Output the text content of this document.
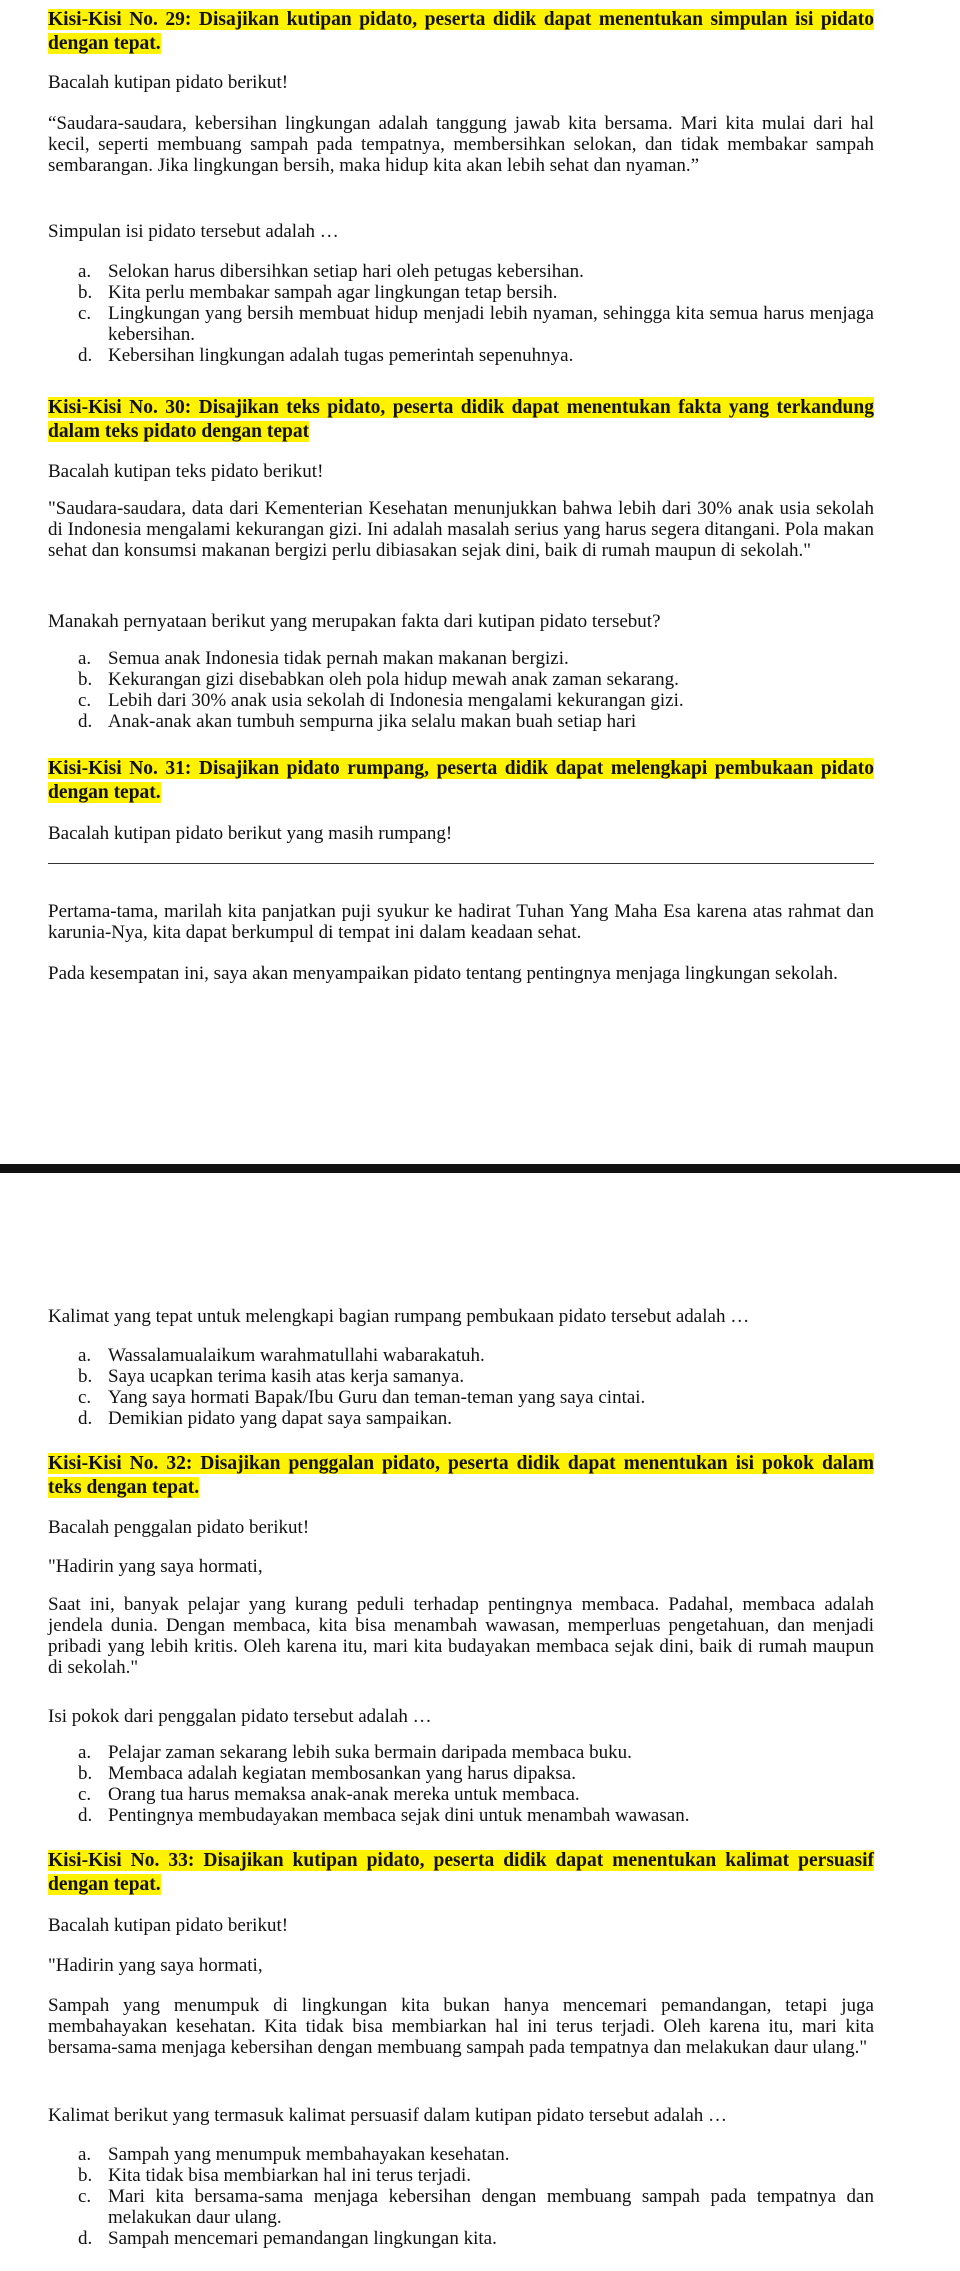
Kisi-Kisi No. 29: Disajikan kutipan pidato, peserta didik dapat menentukan simpulan isi pidato dengan tepat.

Bacalah kutipan pidato berikut!

“Saudara-saudara, kebersihan lingkungan adalah tanggung jawab kita bersama. Mari kita mulai dari hal kecil, seperti membuang sampah pada tempatnya, membersihkan selokan, dan tidak membakar sampah sembarangan. Jika lingkungan bersih, maka hidup kita akan lebih sehat dan nyaman.”

Simpulan isi pidato tersebut adalah …

a. Selokan harus dibersihkan setiap hari oleh petugas kebersihan.
b. Kita perlu membakar sampah agar lingkungan tetap bersih.
c. Lingkungan yang bersih membuat hidup menjadi lebih nyaman, sehingga kita semua harus menjaga kebersihan.
d. Kebersihan lingkungan adalah tugas pemerintah sepenuhnya.
Kisi-Kisi No. 30: Disajikan teks pidato, peserta didik dapat menentukan fakta yang terkandung dalam teks pidato dengan tepat

Bacalah kutipan teks pidato berikut!

"Saudara-saudara, data dari Kementerian Kesehatan menunjukkan bahwa lebih dari 30% anak usia sekolah di Indonesia mengalami kekurangan gizi. Ini adalah masalah serius yang harus segera ditangani. Pola makan sehat dan konsumsi makanan bergizi perlu dibiasakan sejak dini, baik di rumah maupun di sekolah."

Manakah pernyataan berikut yang merupakan fakta dari kutipan pidato tersebut?

a. Semua anak Indonesia tidak pernah makan makanan bergizi.
b. Kekurangan gizi disebabkan oleh pola hidup mewah anak zaman sekarang.
c. Lebih dari 30% anak usia sekolah di Indonesia mengalami kekurangan gizi.
d. Anak-anak akan tumbuh sempurna jika selalu makan buah setiap hari
Kisi-Kisi No. 31: Disajikan pidato rumpang, peserta didik dapat melengkapi pembukaan pidato dengan tepat.

Bacalah kutipan pidato berikut yang masih rumpang!

Pertama-tama, marilah kita panjatkan puji syukur ke hadirat Tuhan Yang Maha Esa karena atas rahmat dan karunia-Nya, kita dapat berkumpul di tempat ini dalam keadaan sehat.

Pada kesempatan ini, saya akan menyampaikan pidato tentang pentingnya menjaga lingkungan sekolah.

Kalimat yang tepat untuk melengkapi bagian rumpang pembukaan pidato tersebut adalah …

a. Wassalamualaikum warahmatullahi wabarakatuh.
b. Saya ucapkan terima kasih atas kerja samanya.
c. Yang saya hormati Bapak/Ibu Guru dan teman-teman yang saya cintai.
d. Demikian pidato yang dapat saya sampaikan.
Kisi-Kisi No. 32: Disajikan penggalan pidato, peserta didik dapat menentukan isi pokok dalam teks dengan tepat.

Bacalah penggalan pidato berikut!

"Hadirin yang saya hormati,

Saat ini, banyak pelajar yang kurang peduli terhadap pentingnya membaca. Padahal, membaca adalah jendela dunia. Dengan membaca, kita bisa menambah wawasan, memperluas pengetahuan, dan menjadi pribadi yang lebih kritis. Oleh karena itu, mari kita budayakan membaca sejak dini, baik di rumah maupun di sekolah."

Isi pokok dari penggalan pidato tersebut adalah …

a. Pelajar zaman sekarang lebih suka bermain daripada membaca buku.
b. Membaca adalah kegiatan membosankan yang harus dipaksa.
c. Orang tua harus memaksa anak-anak mereka untuk membaca.
d. Pentingnya membudayakan membaca sejak dini untuk menambah wawasan.
Kisi-Kisi No. 33: Disajikan kutipan pidato, peserta didik dapat menentukan kalimat persuasif dengan tepat.

Bacalah kutipan pidato berikut!

"Hadirin yang saya hormati,

Sampah yang menumpuk di lingkungan kita bukan hanya mencemari pemandangan, tetapi juga membahayakan kesehatan. Kita tidak bisa membiarkan hal ini terus terjadi. Oleh karena itu, mari kita bersama-sama menjaga kebersihan dengan membuang sampah pada tempatnya dan melakukan daur ulang."

Kalimat berikut yang termasuk kalimat persuasif dalam kutipan pidato tersebut adalah …

a. Sampah yang menumpuk membahayakan kesehatan.
b. Kita tidak bisa membiarkan hal ini terus terjadi.
c. Mari kita bersama-sama menjaga kebersihan dengan membuang sampah pada tempatnya dan melakukan daur ulang.
d. Sampah mencemari pemandangan lingkungan kita.
